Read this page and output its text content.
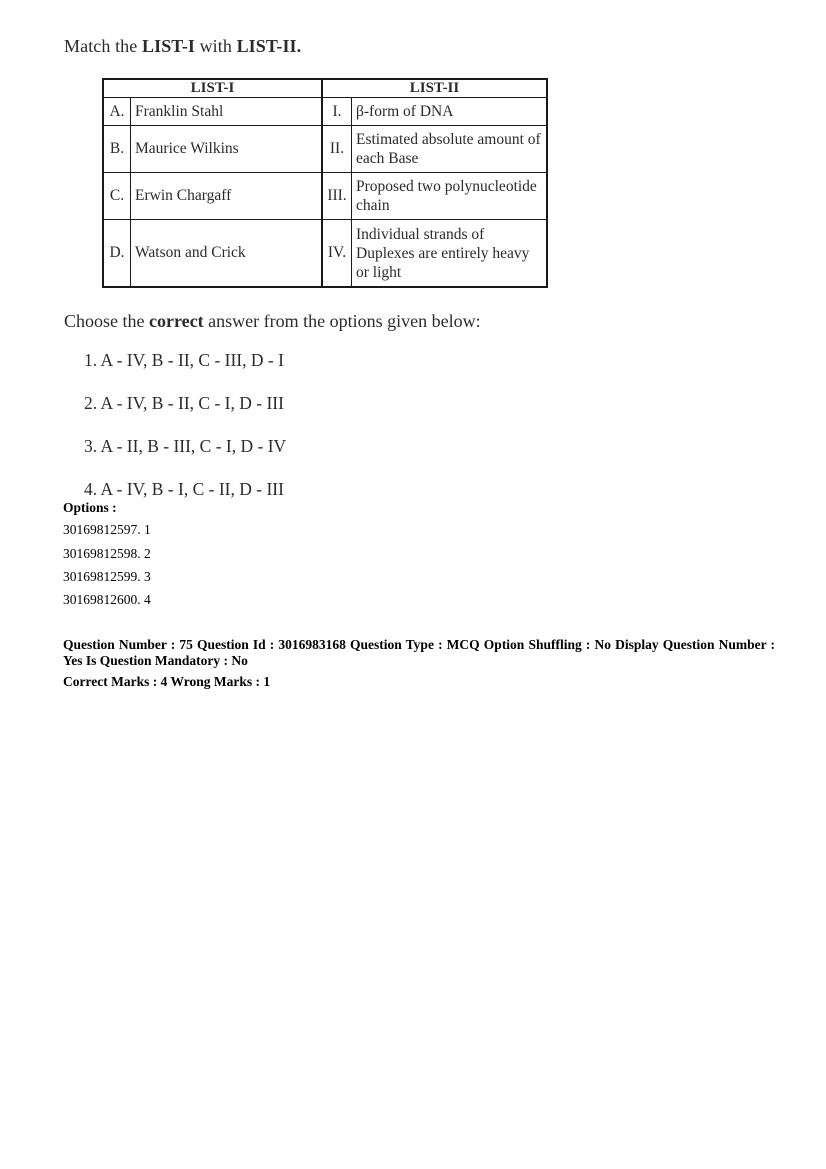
Match the LIST-I with LIST-II.
LIST-I		LIST-II	
A.	Franklin Stahl		I.	β-form of DNA
B.	Maurice Wilkins		II.	Estimated absolute amount of each Base
C.	Erwin Chargaff		III.	Proposed two polynucleotide chain
D.	Watson and Crick		IV.	Individual strands of Duplexes are entirely heavy or light
Choose the correct answer from the options given below:
1. A - IV, B - II, C - III, D - I
2. A - IV, B - II, C - I, D - III
3. A - II, B - III, C - I, D - IV
4. A - IV, B - I, C - II, D - III
Options :
30169812597. 1
30169812598. 2
30169812599. 3
30169812600. 4
Question Number : 75 Question Id : 3016983168 Question Type : MCQ Option Shuffling : No Display Question Number : Yes Is Question Mandatory : No
Correct Marks : 4 Wrong Marks : 1
